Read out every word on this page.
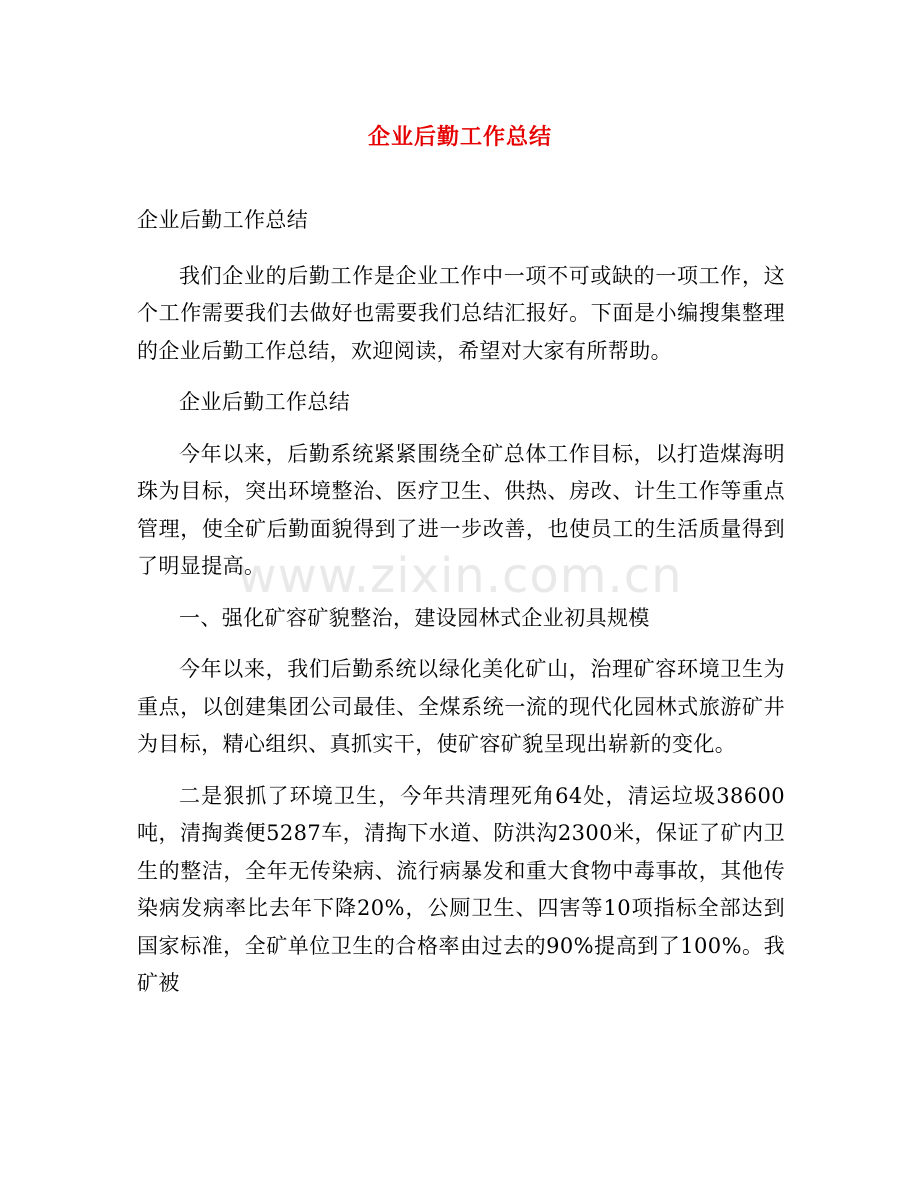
企业后勤工作总结

企业后勤工作总结

我们企业的后勤工作是企业工作中一项不可或缺的一项工作，这个工作需要我们去做好也需要我们总结汇报好。下面是小编搜集整理的企业后勤工作总结，欢迎阅读，希望对大家有所帮助。

企业后勤工作总结

今年以来，后勤系统紧紧围绕全矿总体工作目标，以打造煤海明珠为目标，突出环境整治、医疗卫生、供热、房改、计生工作等重点管理，使全矿后勤面貌得到了进一步改善，也使员工的生活质量得到了明显提高。

一、强化矿容矿貌整治，建设园林式企业初具规模

今年以来，我们后勤系统以绿化美化矿山，治理矿容环境卫生为重点，以创建集团公司最佳、全煤系统一流的现代化园林式旅游矿井为目标，精心组织、真抓实干，使矿容矿貌呈现出崭新的变化。

二是狠抓了环境卫生，今年共清理死角64处，清运垃圾38600吨，清掏粪便5287车，清掏下水道、防洪沟2300米，保证了矿内卫生的整洁，全年无传染病、流行病暴发和重大食物中毒事故，其他传染病发病率比去年下降20%，公厕卫生、四害等10项指标全部达到国家标准，全矿单位卫生的合格率由过去的90%提高到了100%。我矿被

www.zixin.com.cn
